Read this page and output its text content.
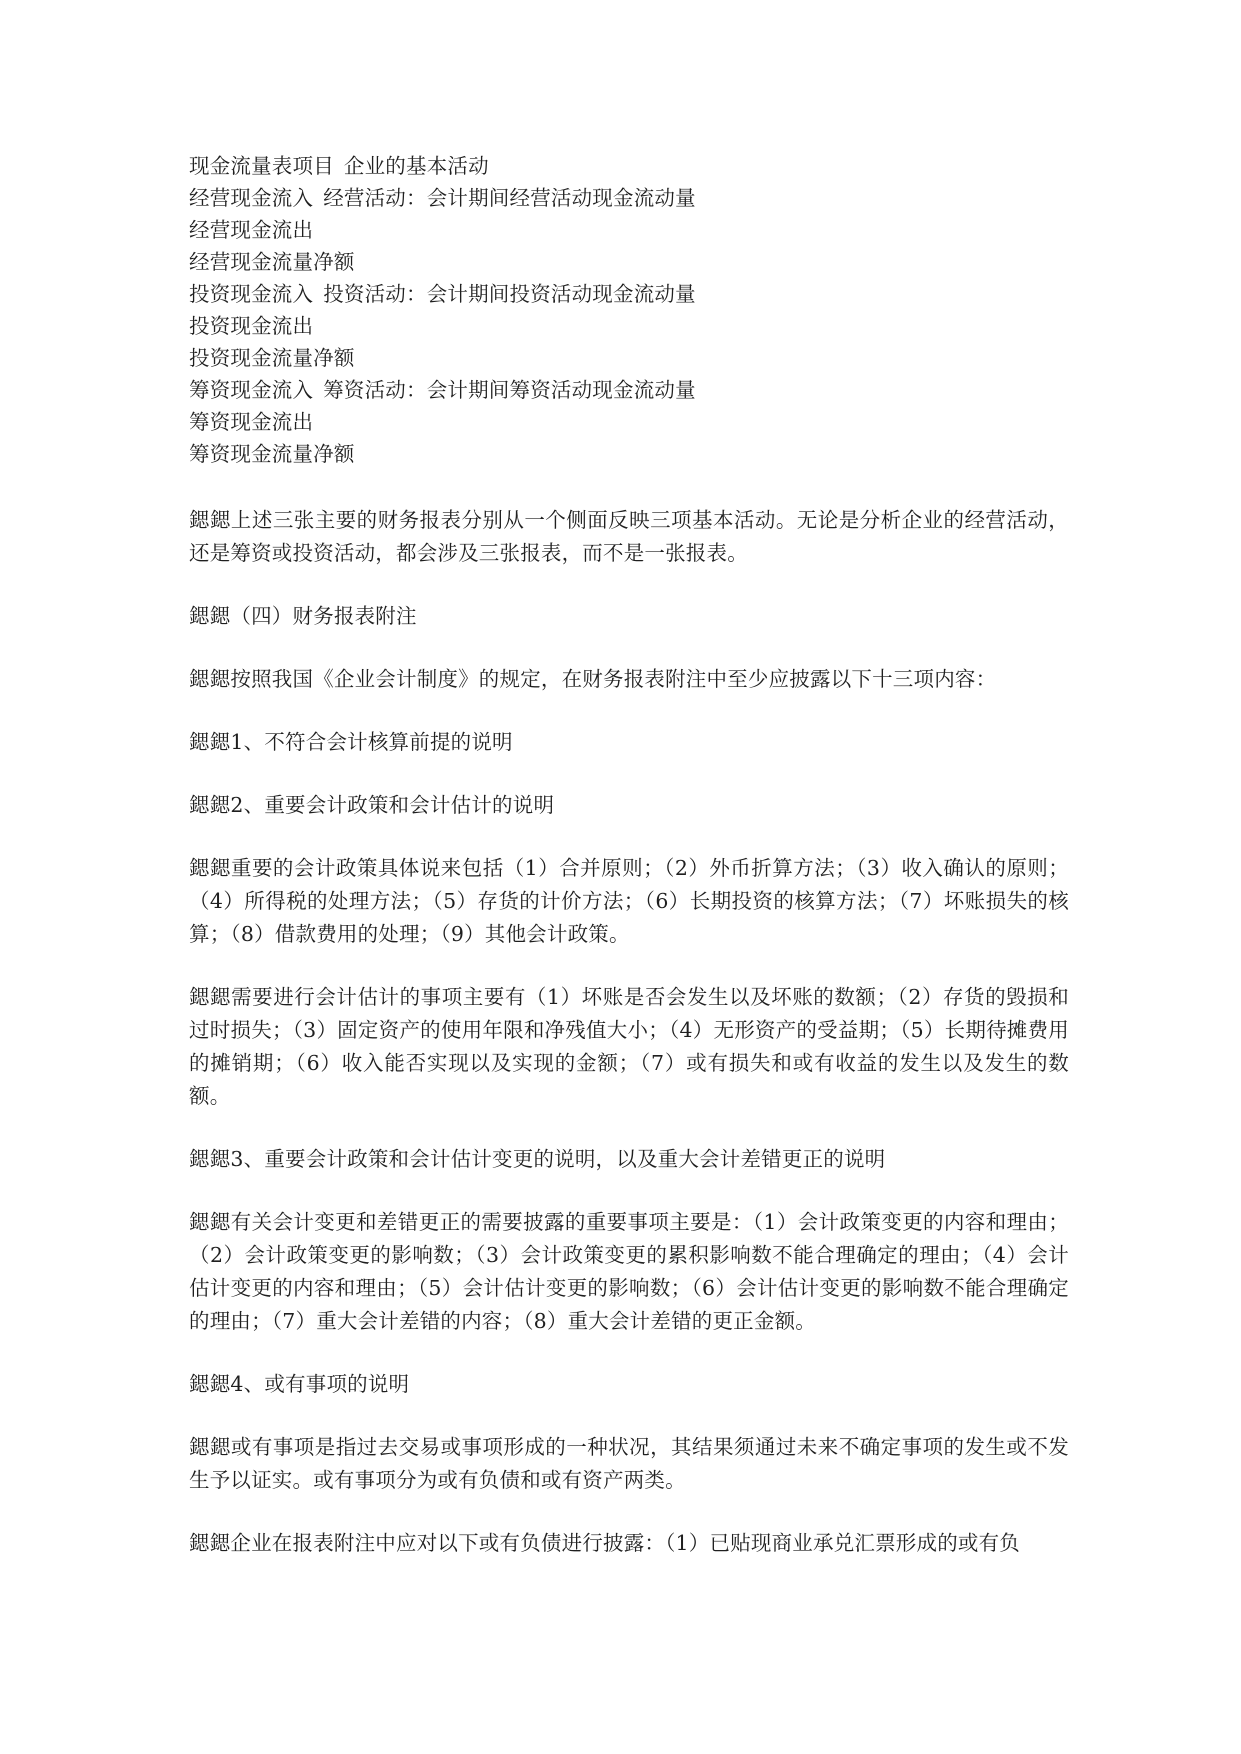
现金流量表项目 企业的基本活动
经营现金流入 经营活动：会计期间经营活动现金流动量
经营现金流出
经营现金流量净额
投资现金流入 投资活动：会计期间投资活动现金流动量
投资现金流出
投资现金流量净额
筹资现金流入 筹资活动：会计期间筹资活动现金流动量
筹资现金流出
筹资现金流量净额

鍶鍶上述三张主要的财务报表分别从一个侧面反映三项基本活动。无论是分析企业的经营活动，还是筹资或投资活动，都会涉及三张报表，而不是一张报表。

鍶鍶（四）财务报表附注

鍶鍶按照我国《企业会计制度》的规定，在财务报表附注中至少应披露以下十三项内容：

鍶鍶1、不符合会计核算前提的说明

鍶鍶2、重要会计政策和会计估计的说明

鍶鍶重要的会计政策具体说来包括（1）合并原则；（2）外币折算方法；（3）收入确认的原则；（4）所得税的处理方法；（5）存货的计价方法；（6）长期投资的核算方法；（7）坏账损失的核算；（8）借款费用的处理；（9）其他会计政策。

鍶鍶需要进行会计估计的事项主要有（1）坏账是否会发生以及坏账的数额；（2）存货的毁损和过时损失；（3）固定资产的使用年限和净残值大小；（4）无形资产的受益期；（5）长期待摊费用的摊销期；（6）收入能否实现以及实现的金额；（7）或有损失和或有收益的发生以及发生的数额。

鍶鍶3、重要会计政策和会计估计变更的说明，以及重大会计差错更正的说明

鍶鍶有关会计变更和差错更正的需要披露的重要事项主要是：（1）会计政策变更的内容和理由；（2）会计政策变更的影响数；（3）会计政策变更的累积影响数不能合理确定的理由；（4）会计估计变更的内容和理由；（5）会计估计变更的影响数；（6）会计估计变更的影响数不能合理确定的理由；（7）重大会计差错的内容；（8）重大会计差错的更正金额。

鍶鍶4、或有事项的说明

鍶鍶或有事项是指过去交易或事项形成的一种状况，其结果须通过未来不确定事项的发生或不发生予以证实。或有事项分为或有负债和或有资产两类。

鍶鍶企业在报表附注中应对以下或有负债进行披露：（1）已贴现商业承兑汇票形成的或有负
